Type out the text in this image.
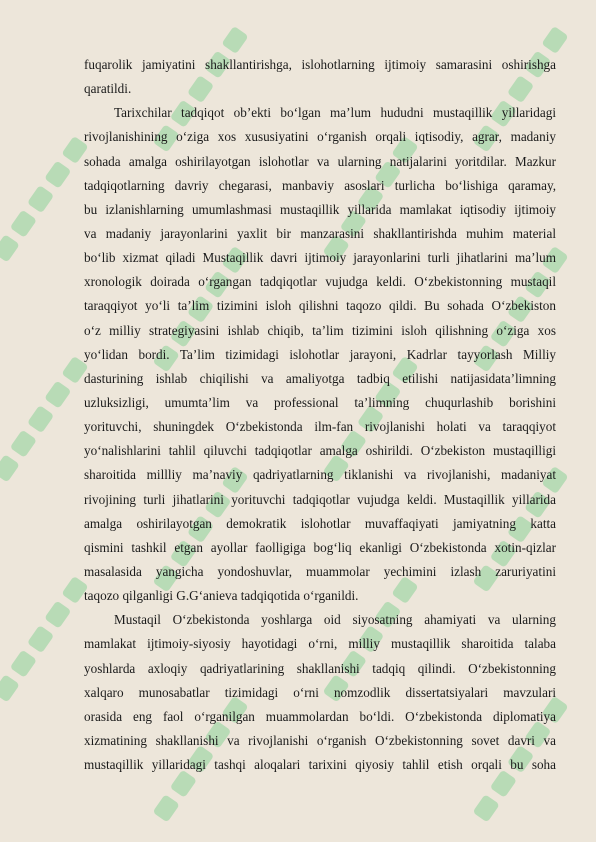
fuqarolik jamiyatini shakllantirishga, islohotlarning ijtimoiy samarasini oshirishga

qaratildi.

Tarixchilar tadqiqot ob’ekti bo‘lgan ma’lum hududni mustaqillik yillaridagi

rivojlanishining o‘ziga xos xususiyatini o‘rganish orqali iqtisodiy, agrar, madaniy

sohada amalga oshirilayotgan islohotlar va ularning natijalarini yoritdilar. Mazkur

tadqiqotlarning davriy chegarasi, manbaviy asoslari turlicha bo‘lishiga qaramay,

bu izlanishlarning umumlashmasi mustaqillik yillarida mamlakat iqtisodiy ijtimoiy

va madaniy jarayonlarini yaxlit bir manzarasini shakllantirishda muhim material

bo‘lib xizmat qiladi Mustaqillik davri ijtimoiy jarayonlarini turli jihatlarini ma’lum

xronologik doirada o‘rgangan tadqiqotlar vujudga keldi. O‘zbekistonning mustaqil

taraqqiyot yo‘li ta’lim tizimini isloh qilishni taqozo qildi. Bu sohada O‘zbekiston

o‘z milliy strategiyasini ishlab chiqib, ta’lim tizimini isloh qilishning o‘ziga xos

yo‘lidan bordi. Ta’lim tizimidagi islohotlar jarayoni, Kadrlar tayyorlash Milliy

dasturining ishlab chiqilishi va amaliyotga tadbiq etilishi natijasidata’limning

uzluksizligi, umumta’lim va professional ta’limning chuqurlashib borishini

yorituvchi, shuningdek O‘zbekistonda ilm-fan rivojlanishi holati va taraqqiyot

yo‘nalishlarini tahlil qiluvchi tadqiqotlar amalga oshirildi. O‘zbekiston mustaqilligi

sharoitida millliy ma’naviy qadriyatlarning tiklanishi va rivojlanishi, madaniyat

rivojining turli jihatlarini yorituvchi tadqiqotlar vujudga keldi. Mustaqillik yillarida

amalga oshirilayotgan demokratik islohotlar muvaffaqiyati jamiyatning katta

qismini tashkil etgan ayollar faolligiga bog‘liq ekanligi O‘zbekistonda xotin-qizlar

masalasida yangicha yondoshuvlar, muammolar yechimini izlash zaruriyatini

taqozo qilganligi G.G‘anieva tadqiqotida o‘rganildi.

Mustaqil O‘zbekistonda yoshlarga oid siyosatning ahamiyati va ularning

mamlakat ijtimoiy-siyosiy hayotidagi o‘rni, milliy mustaqillik sharoitida talaba

yoshlarda axloqiy qadriyatlarining shakllanishi tadqiq qilindi. O‘zbekistonning

xalqaro munosabatlar tizimidagi o‘rni nomzodlik dissertatsiyalari mavzulari

orasida eng faol o‘rganilgan muammolardan bo‘ldi. O‘zbekistonda diplomatiya

xizmatining shakllanishi va rivojlanishi o‘rganish O‘zbekistonning sovet davri va

mustaqillik yillaridagi tashqi aloqalari tarixini qiyosiy tahlil etish orqali bu soha
